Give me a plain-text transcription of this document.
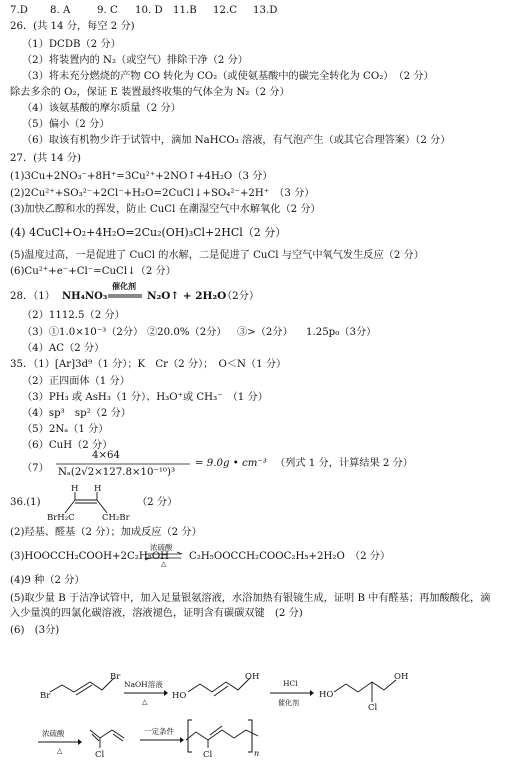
7.D 8. A	9. C 10. D 11.B 12.C 13.D
26．(共 14 分，每空 2 分)
（1）DCDB（2 分）
（2）将装置内的 N₂（或空气）排除干净（2 分）
（3）将未充分燃烧的产物 CO 转化为 CO₂（或使氨基酸中的碳完全转化为 CO₂）　（2 分）
除去多余的 O₂，保证 E 装置最终收集的气体全为 N₂（2 分）
（4）该氨基酸的摩尔质量（2 分）
（5）偏小（2 分）
（6）取该有机物少许于试管中，滴加 NaHCO₃ 溶液，有气泡产生（或其它合理答案）（2 分）
27．(共 14 分)
(1)3Cu+2NO₃⁻+8H⁺=3Cu²⁺+2NO↑+4H₂O（3 分）
(2)2Cu²⁺+SO₃²⁻+2Cl⁻+H₂O=2CuCl↓+SO₄²⁻+2H⁺　（3 分）
(3)加快乙醇和水的挥发，防止 CuCl 在潮湿空气中水解氧化（2 分）
(4) 4CuCl+O₂+4H₂O=2Cu₂(OH)₃Cl+2HCl（2 分）
(5)温度过高，一是促进了 CuCl 的水解，二是促进了 CuCl 与空气中氧气发生反应（2 分）
(6)Cu²⁺+e⁻+Cl⁻=CuCl↓（2 分）
28．（1） NH₄NO₃
催化剂
N₂O↑ + 2H₂O
（2分）
（2）1112.5（2 分）
（3）①1.0×10⁻³（2分） ②20.0%（2分） ③>（2分） 1.25p₀（3分）
（4）AC（2 分）
35．（1）[Ar]3d⁹（1 分）；K　Cr（2 分）；　O＜N（1 分）
（2）正四面体（1 分）
（3）PH₃ 或 AsH₃（1 分）、H₃O⁺或 CH₃⁻　（1 分）
（4）sp³　sp²（2 分）
（5）2Nₐ（1 分）
（6）CuH（2 分）
（7）
4×64
Nₐ(2√2×127.8×10⁻¹⁰)³
= 9.0g • cm⁻³ （列式 1 分，计算结果 2 分）
36.(1)
H H
BrH₂C	CH₂Br
（2 分）
(2)羟基、醛基（2 分）；加成反应（2 分）
(3)HOOCCH₂COOH+2C₂H₅OH
浓硫酸
△
C₂H₅OOCCH₂COOC₂H₅+2H₂O　（2 分）
(4)9 种（2 分）
(5)取少量 B 于洁净试管中，加入足量银氨溶液，水浴加热有银镜生成，证明 B 中有醛基；再加酸酸化，滴
入少量溴的四氯化碳溶液，溶液褪色，证明含有碳碳双键　(2 分)
(6)　(3分)
Br
Br
NaOH溶液
△
HO
OH
HCl
催化剂
HO
OH
Cl
浓硫酸
△	Cl
一定条件
Cl	n
